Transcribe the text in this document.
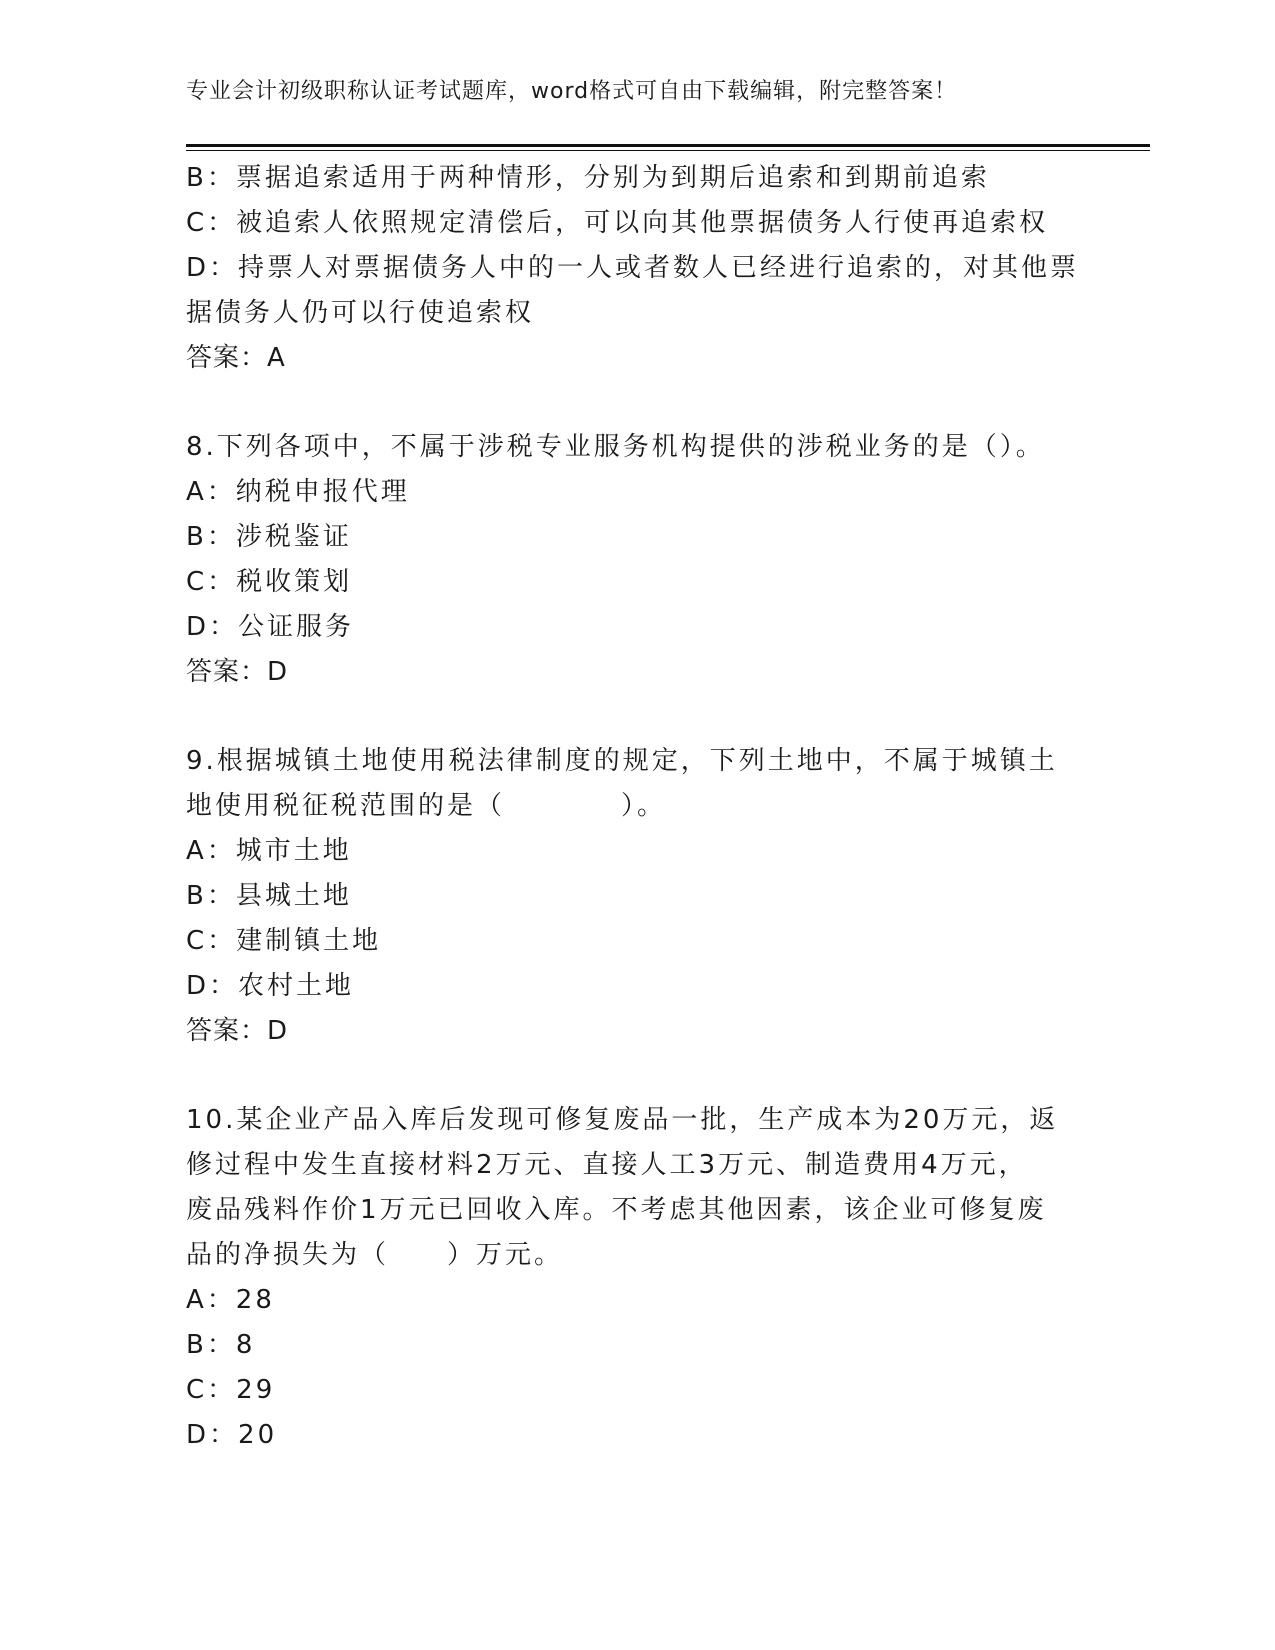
专业会计初级职称认证考试题库，word格式可自由下载编辑，附完整答案！
B：票据追索适用于两种情形，分别为到期后追索和到期前追索
C：被追索人依照规定清偿后，可以向其他票据债务人行使再追索权
D：持票人对票据债务人中的一人或者数人已经进行追索的，对其他票
据债务人仍可以行使追索权
答案：A
8.下列各项中，不属于涉税专业服务机构提供的涉税业务的是（）。
A：纳税申报代理
B：涉税鉴证
C：税收策划
D：公证服务
答案：D
9.根据城镇土地使用税法律制度的规定，下列土地中，不属于城镇土
地使用税征税范围的是（　　　　）。
A：城市土地
B：县城土地
C：建制镇土地
D：农村土地
答案：D
10.某企业产品入库后发现可修复废品一批，生产成本为20万元，返
修过程中发生直接材料2万元、直接人工3万元、制造费用4万元，
废品残料作价1万元已回收入库。不考虑其他因素，该企业可修复废
品的净损失为（　　）万元。
A：28
B：8
C：29
D：20
